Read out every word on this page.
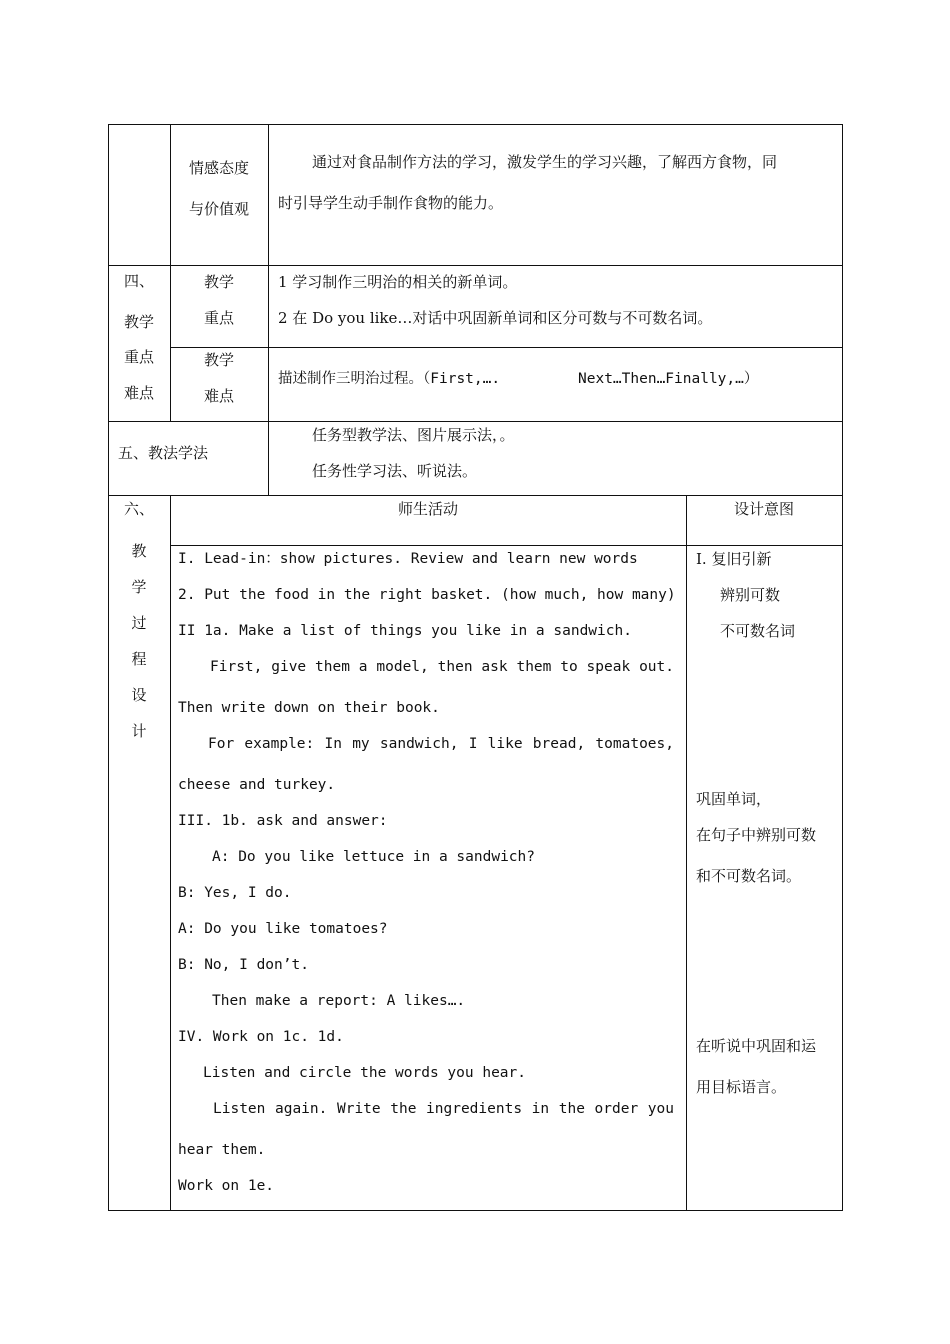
情感态度
与价值观
通过对食品制作方法的学习，激发学生的学习兴趣，了解西方食物，同
时引导学生动手制作食物的能力。
四、
教学
重点
难点
教学
重点
1 学习制作三明治的相关的新单词。
2 在 Do you like…对话中巩固新单词和区分可数与不可数名词。
教学
难点
描述制作三明治过程。（First,….	Next…Then…Finally,…）
五、教法学法
任务型教学法、图片展示法，。
任务性学习法、听说法。
六、
教
学
过
程
设
计
师生活动	设计意图
I. Lead-in：show pictures. Review and learn new words
2. Put the food in the right basket. (how much, how many)
II 1a. Make a list of things you like in a sandwich.
First, give them a model, then ask them to speak out.
Then write down on their book.
For example: In my sandwich, I like bread, tomatoes,
cheese and turkey.
III. 1b. ask and answer:
A: Do you like lettuce in a sandwich?
B: Yes, I do.
A: Do you like tomatoes?
B: No, I don’t.
Then make a report: A likes….
IV. Work on 1c. 1d.
Listen and circle the words you hear.
Listen again. Write the ingredients in the order you
hear them.
Work on 1e.
I. 复旧引新
辨别可数
不可数名词
巩固单词，
在句子中辨别可数
和不可数名词。
在听说中巩固和运
用目标语言。
